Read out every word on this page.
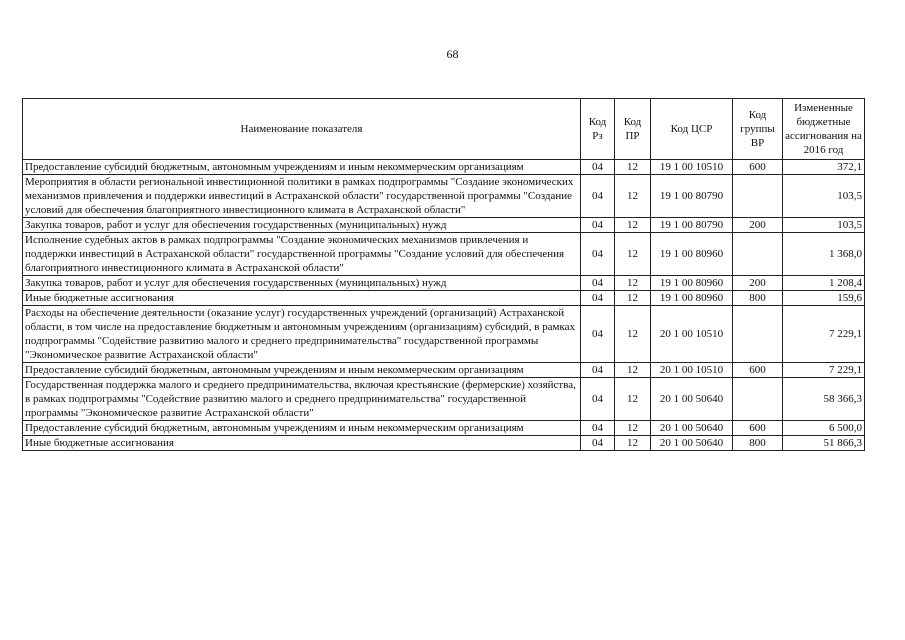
68
Наименование показателя	Код Рз	Код ПР	Код ЦСР	Код группы ВР	Измененные бюджетные ассигнования на 2016 год
Предоставление субсидий бюджетным, автономным учреждениям и иным некоммерческим организациям	04	12	19 1 00 10510	600	372,1
Мероприятия в области региональной инвестиционной политики в рамках подпрограммы "Создание экономических механизмов привлечения и поддержки инвестиций в Астраханской области" государственной программы "Создание условий для обеспечения благоприятного инвестиционного климата в Астраханской области"	04	12	19 1 00 80790		103,5
Закупка товаров, работ и услуг для обеспечения государственных (муниципальных) нужд	04	12	19 1 00 80790	200	103,5
Исполнение судебных актов в рамках подпрограммы "Создание экономических механизмов привлечения и поддержки инвестиций в Астраханской области" государственной программы "Создание условий для обеспечения благоприятного инвестиционного климата в Астраханской области"	04	12	19 1 00 80960		1 368,0
Закупка товаров, работ и услуг для обеспечения государственных (муниципальных) нужд	04	12	19 1 00 80960	200	1 208,4
Иные бюджетные ассигнования	04	12	19 1 00 80960	800	159,6
Расходы на обеспечение деятельности (оказание услуг) государственных учреждений (организаций) Астраханской области, в том числе на предоставление бюджетным и автономным учреждениям (организациям) субсидий, в рамках подпрограммы "Содействие развитию малого и среднего предпринимательства" государственной программы "Экономическое развитие Астраханской области"	04	12	20 1 00 10510		7 229,1
Предоставление субсидий бюджетным, автономным учреждениям и иным некоммерческим организациям	04	12	20 1 00 10510	600	7 229,1
Государственная поддержка малого и среднего предпринимательства, включая крестьянские (фермерские) хозяйства, в рамках подпрограммы "Содействие развитию малого и среднего предпринимательства" государственной программы "Экономическое развитие Астраханской области"	04	12	20 1 00 50640		58 366,3
Предоставление субсидий бюджетным, автономным учреждениям и иным некоммерческим организациям	04	12	20 1 00 50640	600	6 500,0
Иные бюджетные ассигнования	04	12	20 1 00 50640	800	51 866,3
